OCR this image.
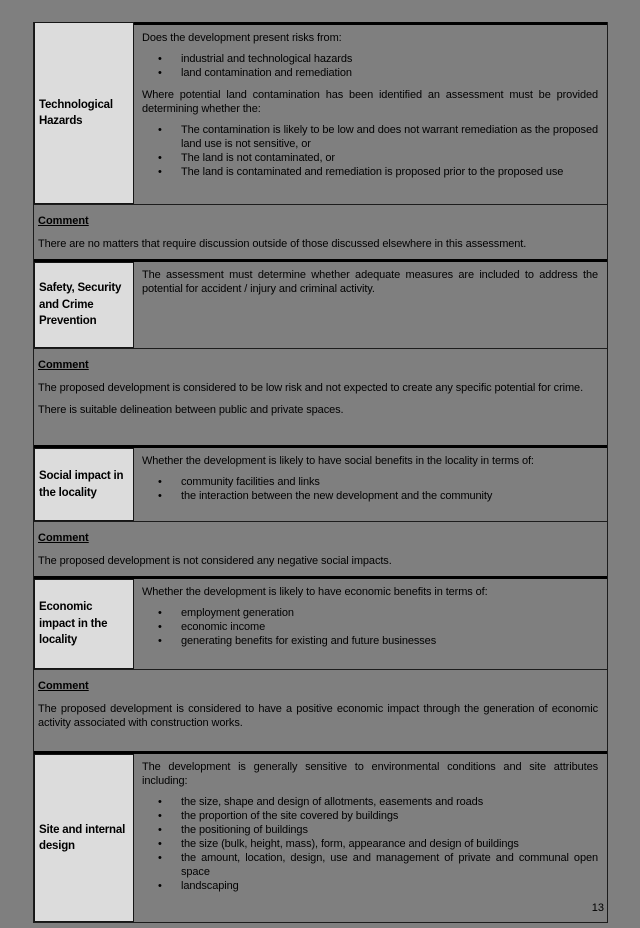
Technological Hazards

Does the development present risks from:

• industrial and technological hazards
• land contamination and remediation

Where potential land contamination has been identified an assessment must be provided determining whether the:

• The contamination is likely to be low and does not warrant remediation as the proposed land use is not sensitive, or
• The land is not contaminated, or
• The land is contaminated and remediation is proposed prior to the proposed use
Comment

There are no matters that require discussion outside of those discussed elsewhere in this assessment.

Safety, Security and Crime Prevention

The assessment must determine whether adequate measures are included to address the potential for accident / injury and criminal activity.

Comment

The proposed development is considered to be low risk and not expected to create any specific potential for crime.

There is suitable delineation between public and private spaces.

Social impact in the locality

Whether the development is likely to have social benefits in the locality in terms of:

• community facilities and links
• the interaction between the new development and the community
Comment

The proposed development is not considered any negative social impacts.

Economic impact in the locality

Whether the development is likely to have economic benefits in terms of:

• employment generation
• economic income
• generating benefits for existing and future businesses
Comment

The proposed development is considered to have a positive economic impact through the generation of economic activity associated with construction works.

Site and internal design

The development is generally sensitive to environmental conditions and site attributes including:

• the size, shape and design of allotments, easements and roads
• the proportion of the site covered by buildings
• the positioning of buildings
• the size (bulk, height, mass), form, appearance and design of buildings
• the amount, location, design, use and management of private and communal open space
• landscaping
13
